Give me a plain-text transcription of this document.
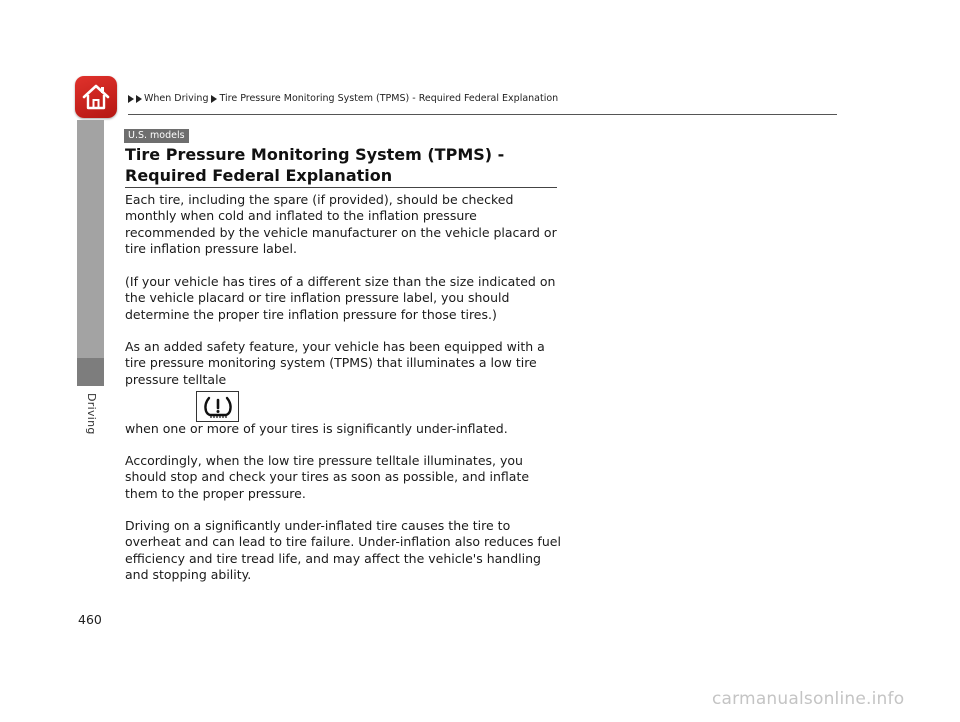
Driving
When Driving Tire Pressure Monitoring System (TPMS) - Required Federal Explanation
U.S. models
Tire Pressure Monitoring System (TPMS) - Required Federal Explanation

Each tire, including the spare (if provided), should be checked monthly when cold and inflated to the inflation pressure recommended by the vehicle manufacturer on the vehicle placard or tire inflation pressure label.

(If your vehicle has tires of a different size than the size indicated on the vehicle placard or tire inflation pressure label, you should determine the proper tire inflation pressure for those tires.)

As an added safety feature, your vehicle has been equipped with a tire pressure monitoring system (TPMS) that illuminates a low tire pressure telltale

when one or more of your tires is significantly under-inflated.

Accordingly, when the low tire pressure telltale illuminates, you should stop and check your tires as soon as possible, and inflate them to the proper pressure.

Driving on a significantly under-inflated tire causes the tire to overheat and can lead to tire failure. Under-inflation also reduces fuel efficiency and tire tread life, and may affect the vehicle's handling and stopping ability.

460
carmanualsonline.info
